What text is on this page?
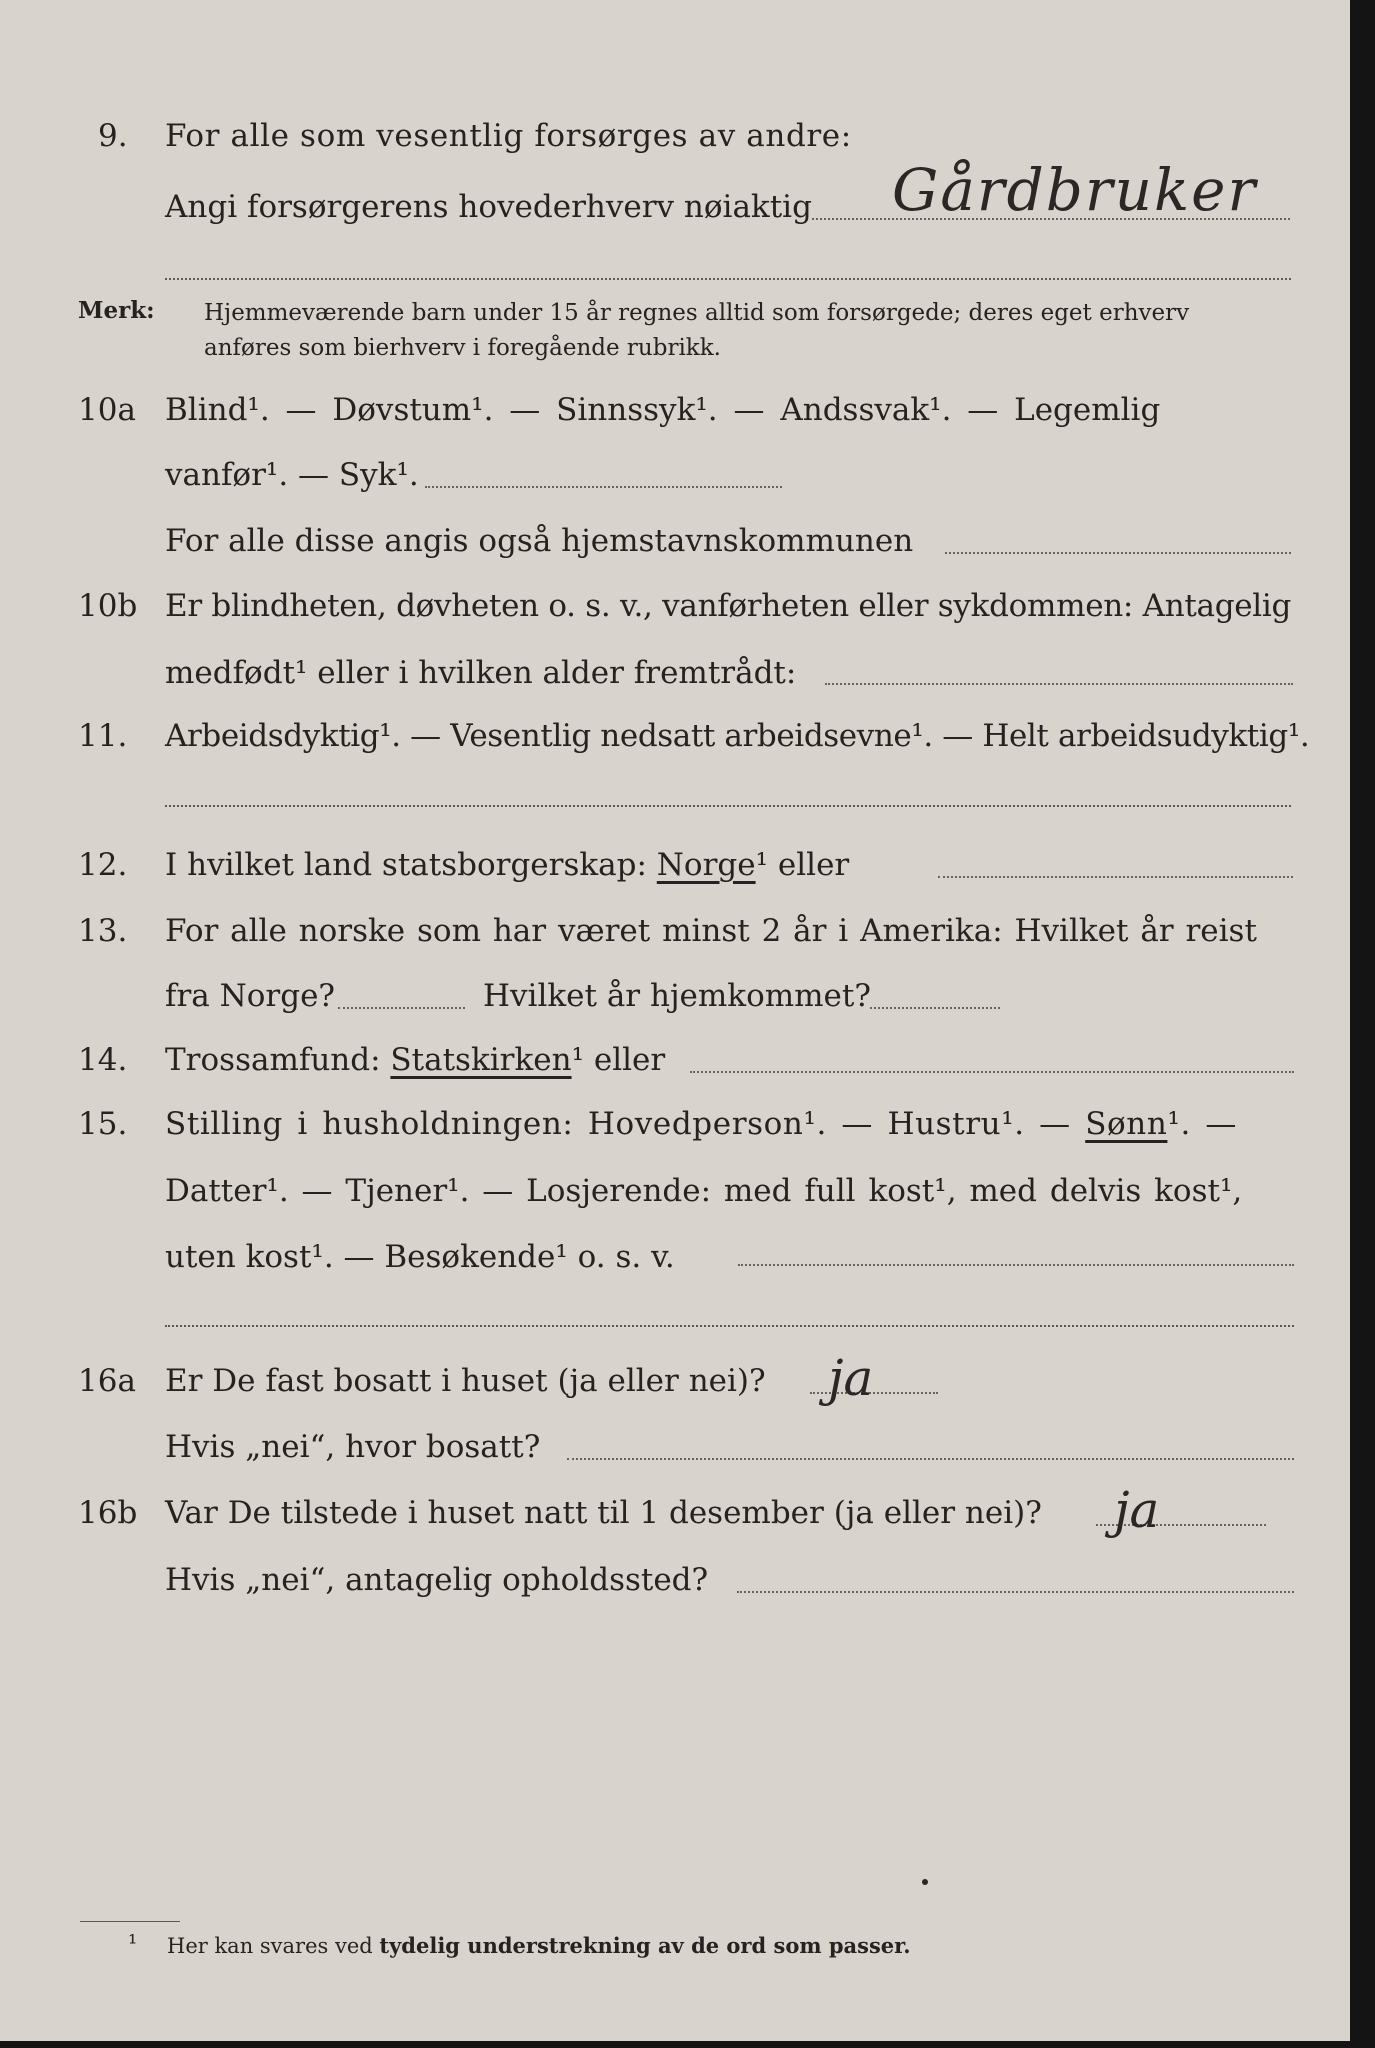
9. For alle som vesentlig forsørges av andre:
Angi forsørgerens hovederhverv nøiaktig Gårdbruker
Merk: Hjemmeværende barn under 15 år regnes alltid som forsørgede; deres eget erhverv
anføres som bierhverv i foregående rubrikk.
10a Blind¹. — Døvstum¹. — Sinnssyk¹. — Andssvak¹. — Legemlig
vanfør¹. — Syk¹.
For alle disse angis også hjemstavnskommunen
10b Er blindheten, døvheten o. s. v., vanførheten eller sykdommen: Antagelig
medfødt¹ eller i hvilken alder fremtrådt:
11. Arbeidsdyktig¹. — Vesentlig nedsatt arbeidsevne¹. — Helt arbeidsudyktig¹.
12. I hvilket land statsborgerskap: Norge¹ eller
13. For alle norske som har været minst 2 år i Amerika: Hvilket år reist
fra Norge?	Hvilket år hjemkommet?
14. Trossamfund: Statskirken¹ eller
15. Stilling i husholdningen: Hovedperson¹. — Hustru¹. — Sønn¹. —
Datter¹. — Tjener¹. — Losjerende: med full kost¹, med delvis kost¹,
uten kost¹. — Besøkende¹ o. s. v.
16a Er De fast bosatt i huset (ja eller nei)? ja
Hvis „nei“, hvor bosatt?
16b Var De tilstede i huset natt til 1 desember (ja eller nei)? ja
Hvis „nei“, antagelig opholdssted?
¹ Her kan svares ved tydelig understrekning av de ord som passer.
